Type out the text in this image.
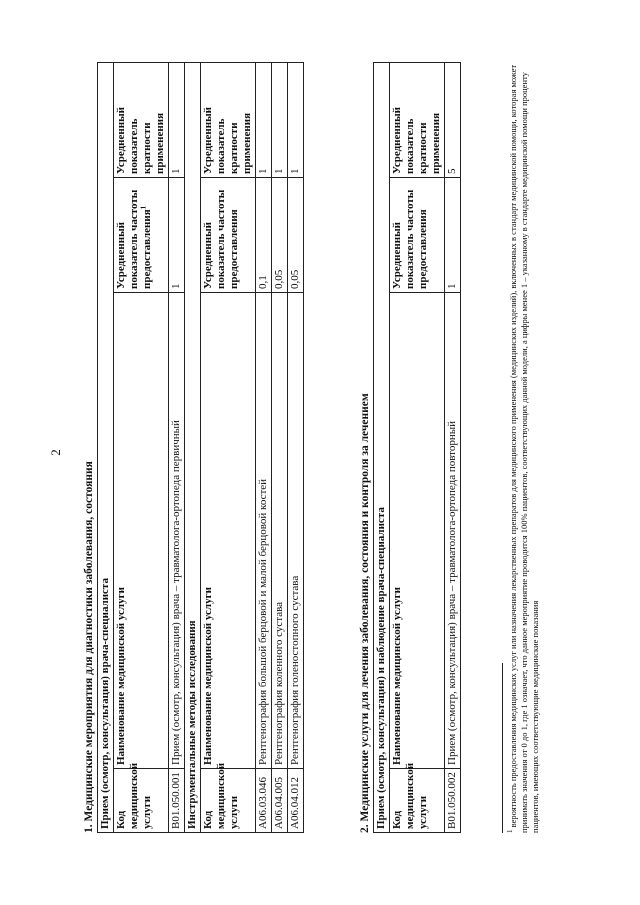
2
1. Медицинские мероприятия для диагностики заболевания, состояния Прием (осмотр, консультация) врача-специалиста			
Код медицинской услуги	Наименование медицинской услуги	Усредненный показатель частоты предоставления$^1$	Усредненный показатель кратности применения
B01.050.001	Прием (осмотр, консультация) врача – травматолога-ортопеда первичный	1	1
Инструментальные методы исследования			
Код медицинской услуги	Наименование медицинской услуги	Усредненный показатель частоты предоставления	Усредненный показатель кратности применения
A06.03.046	Рентгенография большой берцовой и малой берцовой костей	0,1	1
A06.04.005	Рентгенография коленного сустава	0,05	1
A06.04.012	Рентгенография голеностопного сустава	0,05	1
2. Медицинские услуги для лечения заболевания, состояния и контроля за лечением Прием (осмотр, консультация) и наблюдение врача-специалиста			
Код медицинской услуги	Наименование медицинской услуги	Усредненный показатель частоты предоставления	Усредненный показатель кратности применения
B01.050.002	Прием (осмотр, консультация) врача – травматолога-ортопеда повторный	1	5
$^1$ вероятность предоставления медицинских услуг или назначения лекарственных препаратов для медицинского применения (медицинских изделий), включенных в стандарт медицинской помощи, которая может принимать значения от 0 до 1, где 1 означает, что данное мероприятие проводится 100% пациентов, соответствующих данной модели, а цифры менее 1 – указанному в стандарте медицинской помощи проценту пациентов, имеющих соответствующие медицинские показания
